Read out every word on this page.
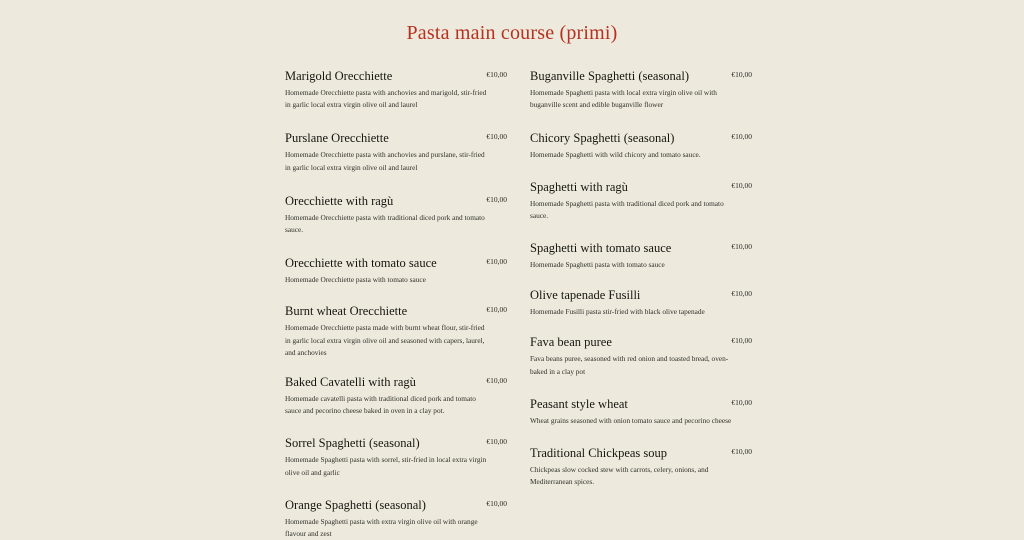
Pasta main course (primi)
Marigold Orecchiette	€10,00
Homemade Orecchiette pasta with anchovies and marigold, stir-fried in garlic local extra virgin olive oil and laurel
Purslane Orecchiette	€10,00
Homemade Orecchiette pasta with anchovies and purslane, stir-fried in garlic local extra virgin olive oil and laurel
Orecchiette with ragù	€10,00
Homemade Orecchiette pasta with traditional diced pork and tomato sauce.
Orecchiette with tomato sauce	€10,00
Homemade Orecchiette pasta with tomato sauce
Burnt wheat Orecchiette	€10,00
Homemade Orecchiette pasta made with burnt wheat flour, stir-fried in garlic local extra virgin olive oil and seasoned with capers, laurel, and anchovies
Baked Cavatelli with ragù	€10,00
Homemade cavatelli pasta with traditional diced pork and tomato sauce and pecorino cheese baked in oven in a clay pot.
Sorrel Spaghetti (seasonal)	€10,00
Homemade Spaghetti pasta with sorrel, stir-fried in local extra virgin olive oil and garlic
Orange Spaghetti (seasonal)	€10,00
Homemade Spaghetti pasta with extra virgin olive oil with orange flavour and zest
Buganville Spaghetti (seasonal)	€10,00
Homemade Spaghetti pasta with local extra virgin olive oil with buganville scent and edible buganville flower
Chicory Spaghetti (seasonal)	€10,00
Homemade Spaghetti with wild chicory and tomato sauce.
Spaghetti with ragù	€10,00
Homemade Spaghetti pasta with traditional diced pork and tomato sauce.
Spaghetti with tomato sauce	€10,00
Homemade Spaghetti pasta with tomato sauce
Olive tapenade Fusilli	€10,00
Homemade Fusilli pasta stir-fried with black olive tapenade
Fava bean puree	€10,00
Fava beans puree, seasoned with red onion and toasted bread, oven-baked in a clay pot
Peasant style wheat	€10,00
Wheat grains seasoned with onion tomato sauce and pecorino cheese
Traditional Chickpeas soup	€10,00
Chickpeas slow cocked stew with carrots, celery, onions, and Mediterranean spices.
